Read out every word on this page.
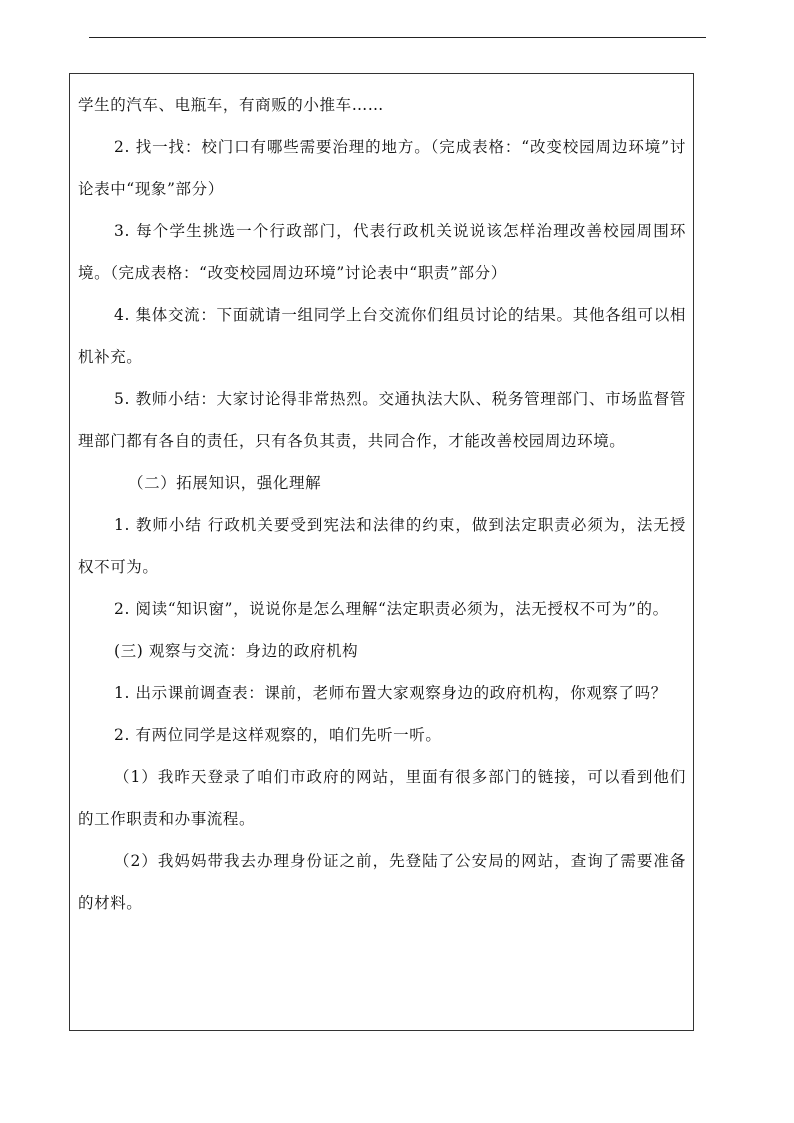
学生的汽车、电瓶车，有商贩的小推车……

2. 找一找：校门口有哪些需要治理的地方。（完成表格：“改变校园周边环境”讨论表中“现象”部分）

3. 每个学生挑选一个行政部门，代表行政机关说说该怎样治理改善校园周围环境。（完成表格：“改变校园周边环境”讨论表中“职责”部分）

4. 集体交流：下面就请一组同学上台交流你们组员讨论的结果。其他各组可以相机补充。

5. 教师小结：大家讨论得非常热烈。交通执法大队、税务管理部门、市场监督管理部门都有各自的责任，只有各负其责，共同合作，才能改善校园周边环境。

（二）拓展知识，强化理解

1. 教师小结 行政机关要受到宪法和法律的约束，做到法定职责必须为，法无授权不可为。

2. 阅读“知识窗”，说说你是怎么理解“法定职责必须为，法无授权不可为”的。

(三) 观察与交流：身边的政府机构

1. 出示课前调查表：课前，老师布置大家观察身边的政府机构，你观察了吗？

2. 有两位同学是这样观察的，咱们先听一听。

（1）我昨天登录了咱们市政府的网站，里面有很多部门的链接，可以看到他们的工作职责和办事流程。

（2）我妈妈带我去办理身份证之前，先登陆了公安局的网站，查询了需要准备的材料。
